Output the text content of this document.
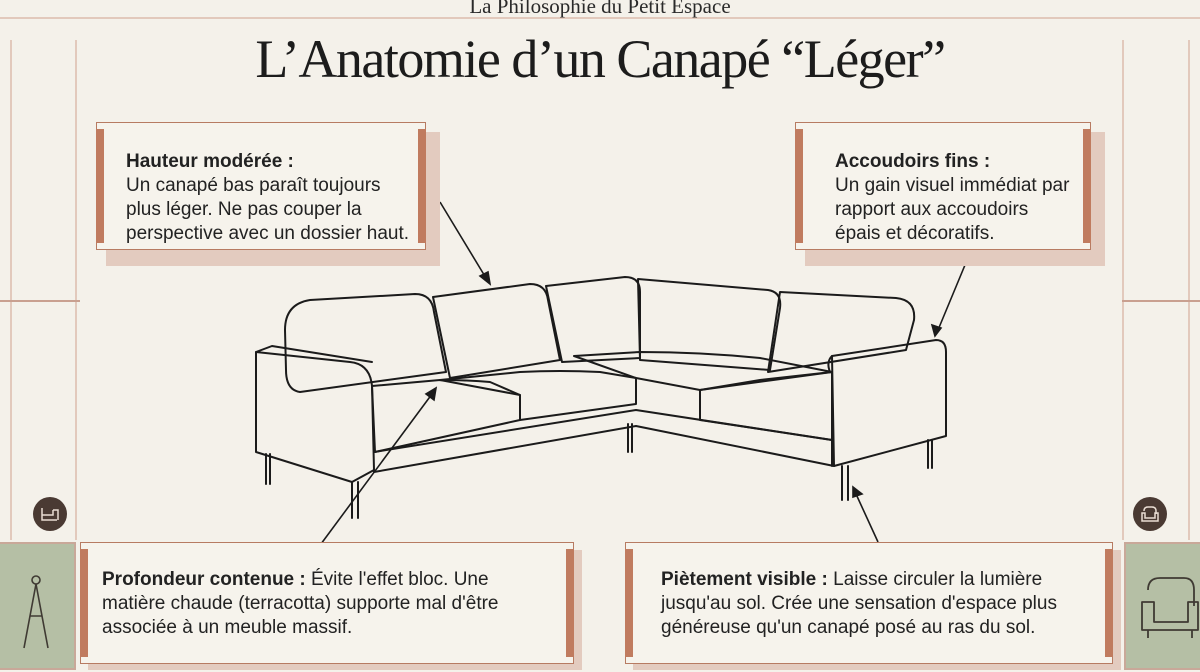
La Philosophie du Petit Espace
L’Anatomie d’un Canapé “Léger”
Hauteur modérée :
Un canapé bas paraît toujours
plus léger. Ne pas couper la
perspective avec un dossier haut.
Accoudoirs fins :
Un gain visuel immédiat par
rapport aux accoudoirs
épais et décoratifs.
Profondeur contenue : Évite l'effet bloc. Une
matière chaude (terracotta) supporte mal d'être
associée à un meuble massif.
Piètement visible : Laisse circuler la lumière
jusqu'au sol. Crée une sensation d'espace plus
généreuse qu'un canapé posé au ras du sol.
